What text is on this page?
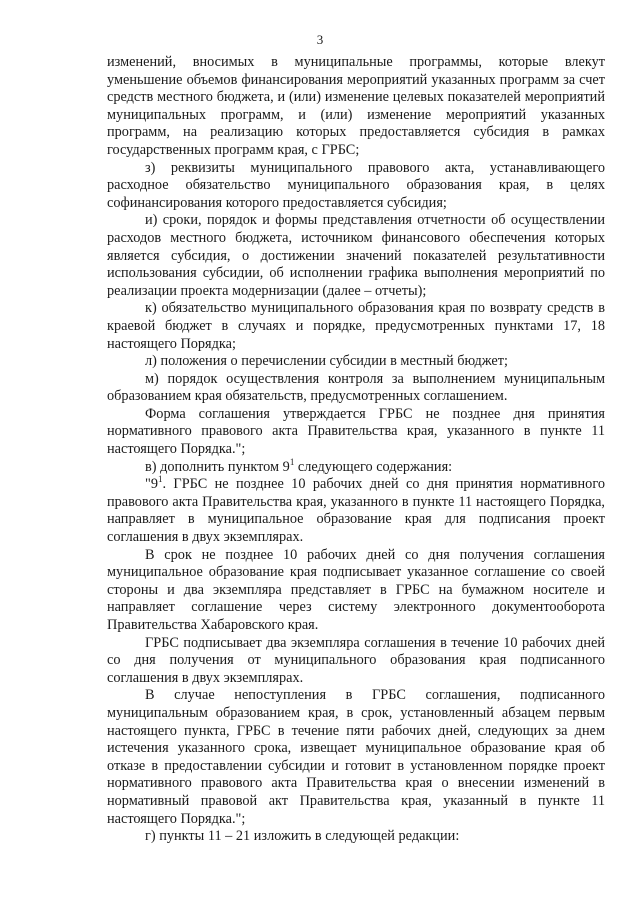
3

изменений, вносимых в муниципальные программы, которые влекут уменьшение объемов финансирования мероприятий указанных программ за счет средств местного бюджета, и (или) изменение целевых показателей мероприятий муниципальных программ, и (или) изменение мероприятий указанных программ, на реализацию которых предоставляется субсидия в рамках государственных программ края, с ГРБС;

з) реквизиты муниципального правового акта, устанавливающего расходное обязательство муниципального образования края, в целях софинансирования которого предоставляется субсидия;

и) сроки, порядок и формы представления отчетности об осуществлении расходов местного бюджета, источником финансового обеспечения которых является субсидия, о достижении значений показателей результативности использования субсидии, об исполнении графика выполнения мероприятий по реализации проекта модернизации (далее – отчеты);

к) обязательство муниципального образования края по возврату средств в краевой бюджет в случаях и порядке, предусмотренных пунктами 17, 18 настоящего Порядка;

л) положения о перечислении субсидии в местный бюджет;

м) порядок осуществления контроля за выполнением муниципальным образованием края обязательств, предусмотренных соглашением.

Форма соглашения утверждается ГРБС не позднее дня принятия нормативного правового акта Правительства края, указанного в пункте 11 настоящего Порядка.";

в) дополнить пунктом $9^1$ следующего содержания:

"$9^1$. ГРБС не позднее 10 рабочих дней со дня принятия нормативного правового акта Правительства края, указанного в пункте 11 настоящего Порядка, направляет в муниципальное образование края для подписания проект соглашения в двух экземплярах.

В срок не позднее 10 рабочих дней со дня получения соглашения муниципальное образование края подписывает указанное соглашение со своей стороны и два экземпляра представляет в ГРБС на бумажном носителе и направляет соглашение через систему электронного документооборота Правительства Хабаровского края.

ГРБС подписывает два экземпляра соглашения в течение 10 рабочих дней со дня получения от муниципального образования края подписанного соглашения в двух экземплярах.

В случае непоступления в ГРБС соглашения, подписанного муниципальным образованием края, в срок, установленный абзацем первым настоящего пункта, ГРБС в течение пяти рабочих дней, следующих за днем истечения указанного срока, извещает муниципальное образование края об отказе в предоставлении субсидии и готовит в установленном порядке проект нормативного правового акта Правительства края о внесении изменений в нормативный правовой акт Правительства края, указанный в пункте 11 настоящего Порядка.";

г) пункты 11 – 21 изложить в следующей редакции:
